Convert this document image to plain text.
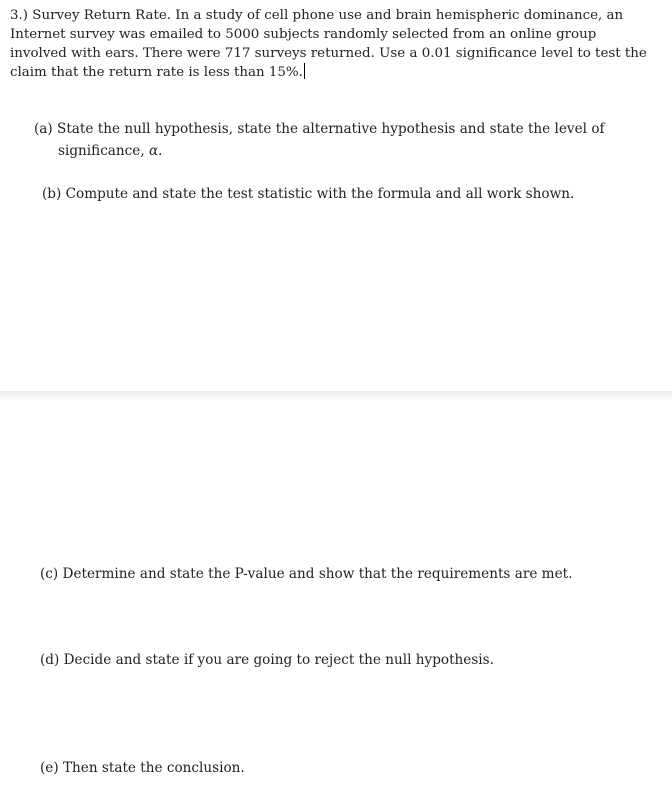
3.) Survey Return Rate. In a study of cell phone use and brain hemispheric dominance, an Internet survey was emailed to 5000 subjects randomly selected from an online group involved with ears. There were 717 surveys returned. Use a 0.01 significance level to test the claim that the return rate is less than 15%.
(a) State the null hypothesis, state the alternative hypothesis and state the level of
significance, α.
(b) Compute and state the test statistic with the formula and all work shown.
(c) Determine and state the P-value and show that the requirements are met.
(d) Decide and state if you are going to reject the null hypothesis.
(e) Then state the conclusion.
